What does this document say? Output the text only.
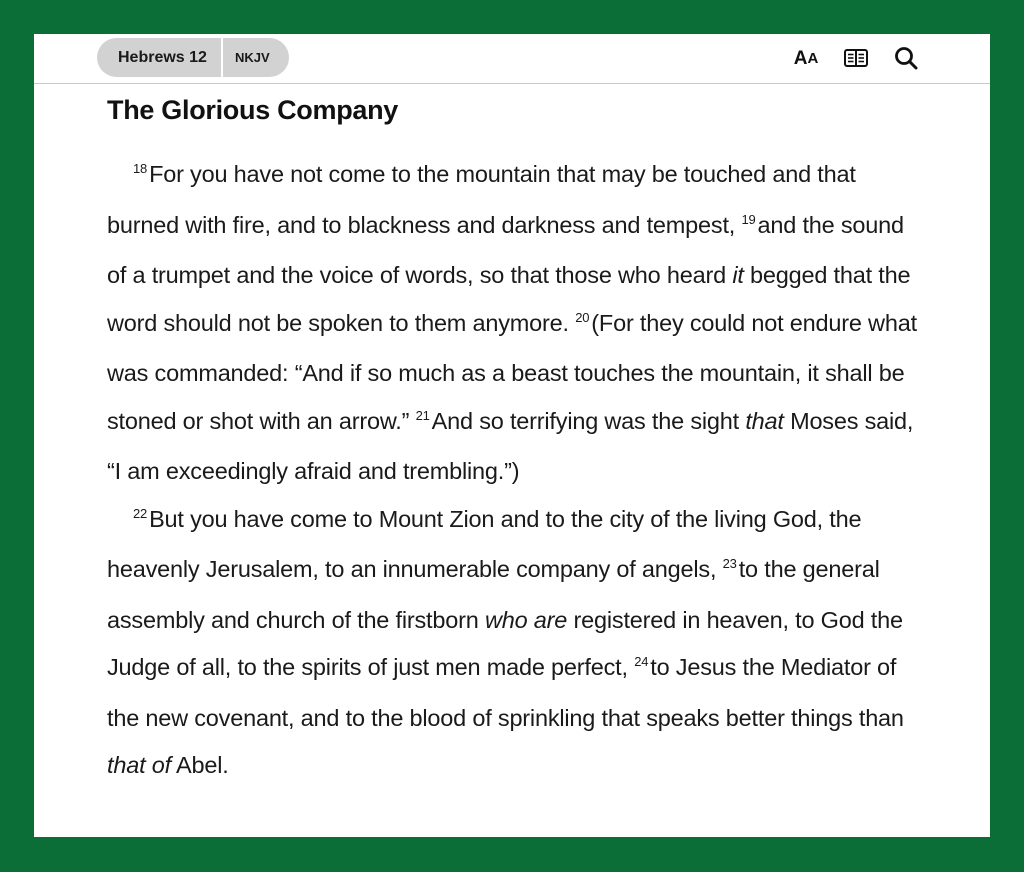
Hebrews 12	NKJV	A A
The Glorious Company

$^{18}$For you have not come to the mountain that may be touched and that burned with fire, and to blackness and darkness and tempest, $^{19}$and the sound of a trumpet and the voice of words, so that those who heard it begged that the word should not be spoken to them anymore. $^{20}$(For they could not endure what was commanded: “And if so much as a beast touches the mountain, it shall be stoned or shot with an arrow.” $^{21}$And so terrifying was the sight that Moses said, “I am exceedingly afraid and trembling.”)

$^{22}$But you have come to Mount Zion and to the city of the living God, the heavenly Jerusalem, to an innumerable company of angels, $^{23}$to the general assembly and church of the firstborn who are registered in heaven, to God the Judge of all, to the spirits of just men made perfect, $^{24}$to Jesus the Mediator of the new covenant, and to the blood of sprinkling that speaks better things than that of Abel.
